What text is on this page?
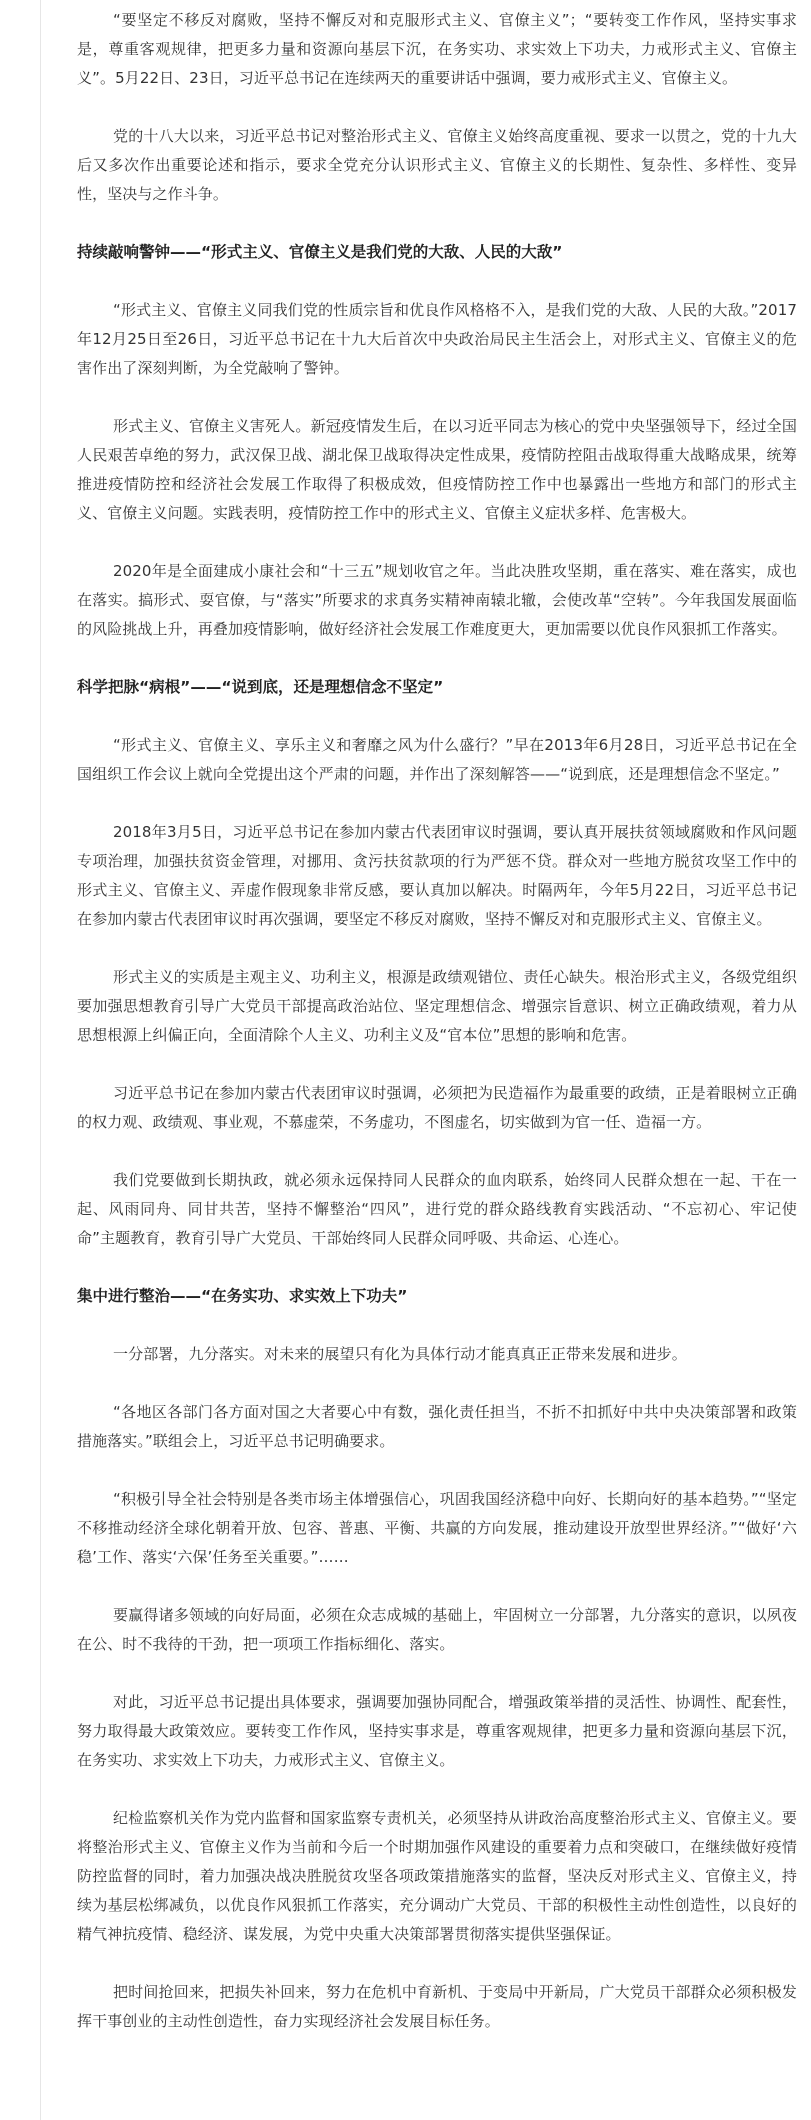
“要坚定不移反对腐败，坚持不懈反对和克服形式主义、官僚主义”；“要转变工作作风，坚持实事求是，尊重客观规律，把更多力量和资源向基层下沉，在务实功、求实效上下功夫，力戒形式主义、官僚主义”。5月22日、23日，习近平总书记在连续两天的重要讲话中强调，要力戒形式主义、官僚主义。

党的十八大以来，习近平总书记对整治形式主义、官僚主义始终高度重视、要求一以贯之，党的十九大后又多次作出重要论述和指示，要求全党充分认识形式主义、官僚主义的长期性、复杂性、多样性、变异性，坚决与之作斗争。

持续敲响警钟——“形式主义、官僚主义是我们党的大敌、人民的大敌”

“形式主义、官僚主义同我们党的性质宗旨和优良作风格格不入，是我们党的大敌、人民的大敌。”2017年12月25日至26日，习近平总书记在十九大后首次中央政治局民主生活会上，对形式主义、官僚主义的危害作出了深刻判断，为全党敲响了警钟。

形式主义、官僚主义害死人。新冠疫情发生后，在以习近平同志为核心的党中央坚强领导下，经过全国人民艰苦卓绝的努力，武汉保卫战、湖北保卫战取得决定性成果，疫情防控阻击战取得重大战略成果，统筹推进疫情防控和经济社会发展工作取得了积极成效，但疫情防控工作中也暴露出一些地方和部门的形式主义、官僚主义问题。实践表明，疫情防控工作中的形式主义、官僚主义症状多样、危害极大。

2020年是全面建成小康社会和“十三五”规划收官之年。当此决胜攻坚期，重在落实、难在落实，成也在落实。搞形式、耍官僚，与“落实”所要求的求真务实精神南辕北辙，会使改革“空转”。今年我国发展面临的风险挑战上升，再叠加疫情影响，做好经济社会发展工作难度更大，更加需要以优良作风狠抓工作落实。

科学把脉“病根”——“说到底，还是理想信念不坚定”

“形式主义、官僚主义、享乐主义和奢靡之风为什么盛行？”早在2013年6月28日，习近平总书记在全国组织工作会议上就向全党提出这个严肃的问题，并作出了深刻解答——“说到底，还是理想信念不坚定。”

2018年3月5日，习近平总书记在参加内蒙古代表团审议时强调，要认真开展扶贫领域腐败和作风问题专项治理，加强扶贫资金管理，对挪用、贪污扶贫款项的行为严惩不贷。群众对一些地方脱贫攻坚工作中的形式主义、官僚主义、弄虚作假现象非常反感，要认真加以解决。时隔两年，今年5月22日，习近平总书记在参加内蒙古代表团审议时再次强调，要坚定不移反对腐败，坚持不懈反对和克服形式主义、官僚主义。

形式主义的实质是主观主义、功利主义，根源是政绩观错位、责任心缺失。根治形式主义，各级党组织要加强思想教育引导广大党员干部提高政治站位、坚定理想信念、增强宗旨意识、树立正确政绩观，着力从思想根源上纠偏正向，全面清除个人主义、功利主义及“官本位”思想的影响和危害。

习近平总书记在参加内蒙古代表团审议时强调，必须把为民造福作为最重要的政绩，正是着眼树立正确的权力观、政绩观、事业观，不慕虚荣，不务虚功，不图虚名，切实做到为官一任、造福一方。

我们党要做到长期执政，就必须永远保持同人民群众的血肉联系，始终同人民群众想在一起、干在一起、风雨同舟、同甘共苦，坚持不懈整治“四风”，进行党的群众路线教育实践活动、“不忘初心、牢记使命”主题教育，教育引导广大党员、干部始终同人民群众同呼吸、共命运、心连心。

集中进行整治——“在务实功、求实效上下功夫”

一分部署，九分落实。对未来的展望只有化为具体行动才能真真正正带来发展和进步。

“各地区各部门各方面对国之大者要心中有数，强化责任担当，不折不扣抓好中共中央决策部署和政策措施落实。”联组会上，习近平总书记明确要求。

“积极引导全社会特别是各类市场主体增强信心，巩固我国经济稳中向好、长期向好的基本趋势。”“坚定不移推动经济全球化朝着开放、包容、普惠、平衡、共赢的方向发展，推动建设开放型世界经济。”“做好‘六稳’工作、落实‘六保’任务至关重要。”……

要赢得诸多领域的向好局面，必须在众志成城的基础上，牢固树立一分部署，九分落实的意识，以夙夜在公、时不我待的干劲，把一项项工作指标细化、落实。

对此，习近平总书记提出具体要求，强调要加强协同配合，增强政策举措的灵活性、协调性、配套性，努力取得最大政策效应。要转变工作作风，坚持实事求是，尊重客观规律，把更多力量和资源向基层下沉，在务实功、求实效上下功夫，力戒形式主义、官僚主义。

纪检监察机关作为党内监督和国家监察专责机关，必须坚持从讲政治高度整治形式主义、官僚主义。要将整治形式主义、官僚主义作为当前和今后一个时期加强作风建设的重要着力点和突破口，在继续做好疫情防控监督的同时，着力加强决战决胜脱贫攻坚各项政策措施落实的监督，坚决反对形式主义、官僚主义，持续为基层松绑减负，以优良作风狠抓工作落实，充分调动广大党员、干部的积极性主动性创造性，以良好的精气神抗疫情、稳经济、谋发展，为党中央重大决策部署贯彻落实提供坚强保证。

把时间抢回来，把损失补回来，努力在危机中育新机、于变局中开新局，广大党员干部群众必须积极发挥干事创业的主动性创造性，奋力实现经济社会发展目标任务。
